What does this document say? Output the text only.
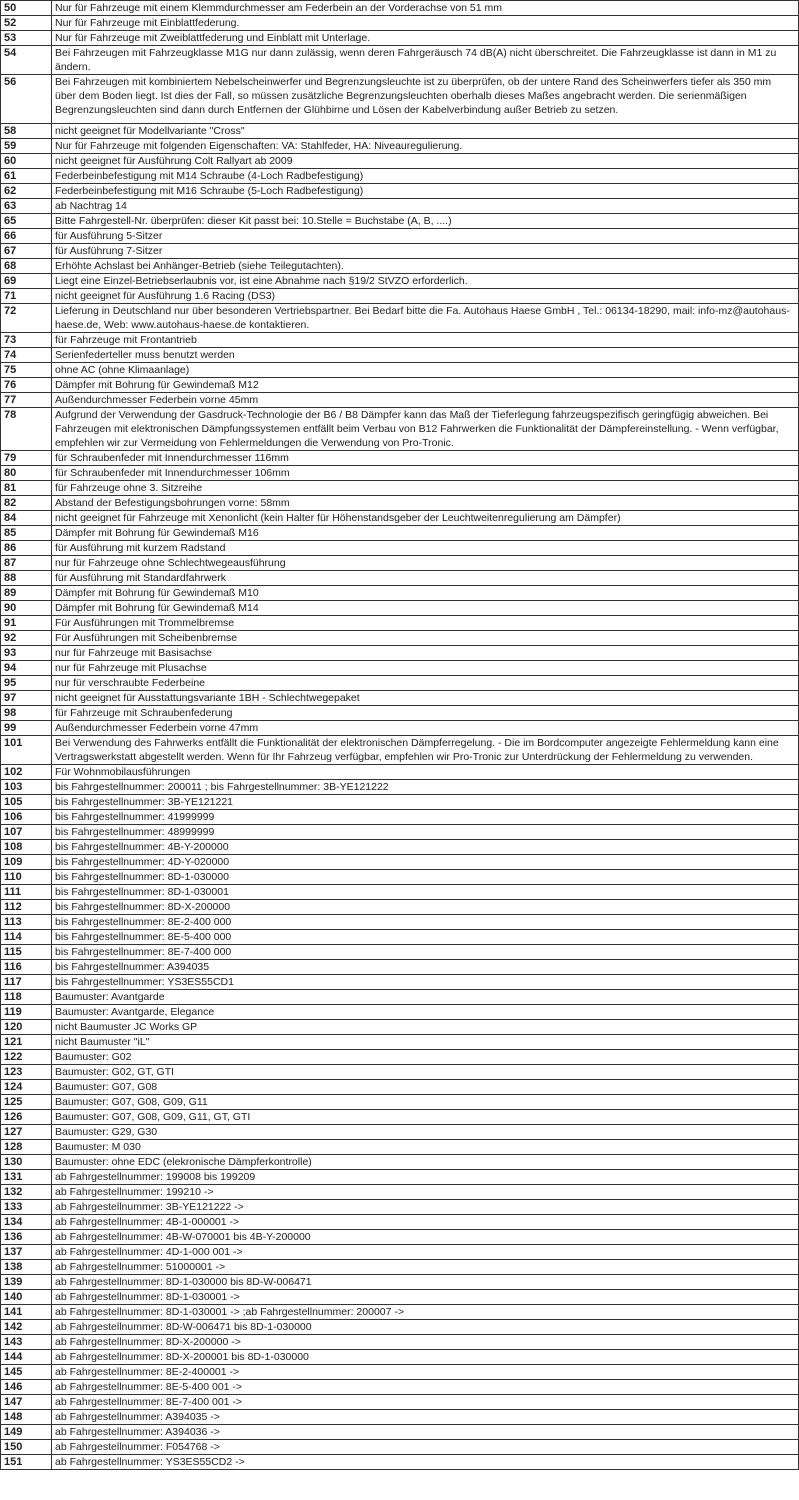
50	Nur für Fahrzeuge mit einem Klemmdurchmesser am Federbein an der Vorderachse von 51 mm
52	Nur für Fahrzeuge mit Einblattfederung.
53	Nur für Fahrzeuge mit Zweiblattfederung und Einblatt mit Unterlage.
54	Bei Fahrzeugen mit Fahrzeugklasse M1G nur dann zulässig, wenn deren Fahrgeräusch 74 dB(A) nicht überschreitet. Die Fahrzeugklasse ist dann in M1 zu ändern.
56	Bei Fahrzeugen mit kombiniertem Nebelscheinwerfer und Begrenzungsleuchte ist zu überprüfen, ob der untere Rand des Scheinwerfers tiefer als 350 mm über dem Boden liegt. Ist dies der Fall, so müssen zusätzliche Begrenzungsleuchten oberhalb dieses Maßes angebracht werden. Die serienmäßigen Begrenzungsleuchten sind dann durch Entfernen der Glühbirne und Lösen der Kabelverbindung außer Betrieb zu setzen.
58	nicht geeignet für Modellvariante "Cross"
59	Nur für Fahrzeuge mit folgenden Eigenschaften: VA: Stahlfeder, HA: Niveauregulierung.
60	nicht geeignet für Ausführung Colt Rallyart ab 2009
61	Federbeinbefestigung mit M14 Schraube (4-Loch Radbefestigung)
62	Federbeinbefestigung mit M16 Schraube (5-Loch Radbefestigung)
63	ab Nachtrag 14
65	Bitte Fahrgestell-Nr. überprüfen: dieser Kit passt bei: 10.Stelle = Buchstabe (A, B, ....)
66	für Ausführung 5-Sitzer
67	für Ausführung 7-Sitzer
68	Erhöhte Achslast bei Anhänger-Betrieb (siehe Teilegutachten).
69	Liegt eine Einzel-Betriebserlaubnis vor, ist eine Abnahme nach §19/2 StVZO erforderlich.
71	nicht geeignet für Ausführung 1.6 Racing (DS3)
72	Lieferung in Deutschland nur über besonderen Vertriebspartner. Bei Bedarf bitte die Fa. Autohaus Haese GmbH , Tel.: 06134-18290, mail: info-mz@autohaus-haese.de, Web: www.autohaus-haese.de kontaktieren.
73	für Fahrzeuge mit Frontantrieb
74	Serienfederteller muss benutzt werden
75	ohne AC (ohne Klimaanlage)
76	Dämpfer mit Bohrung für Gewindemaß M12
77	Außendurchmesser Federbein vorne 45mm
78	Aufgrund der Verwendung der Gasdruck-Technologie der B6 / B8 Dämpfer kann das Maß der Tieferlegung fahrzeugspezifisch geringfügig abweichen. Bei Fahrzeugen mit elektronischen Dämpfungssystemen entfällt beim Verbau von B12 Fahrwerken die Funktionalität der Dämpfereinstellung. - Wenn verfügbar, empfehlen wir zur Vermeidung von Fehlermeldungen die Verwendung von Pro-Tronic.
79	für Schraubenfeder mit Innendurchmesser 116mm
80	für Schraubenfeder mit Innendurchmesser 106mm
81	für Fahrzeuge ohne 3. Sitzreihe
82	Abstand der Befestigungsbohrungen vorne: 58mm
84	nicht geeignet für Fahrzeuge mit Xenonlicht (kein Halter für Höhenstandsgeber der Leuchtweitenregulierung am Dämpfer)
85	Dämpfer mit Bohrung für Gewindemaß M16
86	für Ausführung mit kurzem Radstand
87	nur für Fahrzeuge ohne Schlechtwegeausführung
88	für Ausführung mit Standardfahrwerk
89	Dämpfer mit Bohrung für Gewindemaß M10
90	Dämpfer mit Bohrung für Gewindemaß M14
91	Für Ausführungen mit Trommelbremse
92	Für Ausführungen mit Scheibenbremse
93	nur für Fahrzeuge mit Basisachse
94	nur für Fahrzeuge mit Plusachse
95	nur für verschraubte Federbeine
97	nicht geeignet für Ausstattungsvariante 1BH - Schlechtwegepaket
98	für Fahrzeuge mit Schraubenfederung
99	Außendurchmesser Federbein vorne 47mm
101	Bei Verwendung des Fahrwerks entfällt die Funktionalität der elektronischen Dämpferregelung. - Die im Bordcomputer angezeigte Fehlermeldung kann eine Vertragswerkstatt abgestellt werden. Wenn für Ihr Fahrzeug verfügbar, empfehlen wir Pro-Tronic zur Unterdrückung der Fehlermeldung zu verwenden.
102	Für Wohnmobilausführungen
103	bis Fahrgestellnummer: 200011 ; bis Fahrgestellnummer: 3B-YE121222
105	bis Fahrgestellnummer: 3B-YE121221
106	bis Fahrgestellnummer: 41999999
107	bis Fahrgestellnummer: 48999999
108	bis Fahrgestellnummer: 4B-Y-200000
109	bis Fahrgestellnummer: 4D-Y-020000
110	bis Fahrgestellnummer: 8D-1-030000
111	bis Fahrgestellnummer: 8D-1-030001
112	bis Fahrgestellnummer: 8D-X-200000
113	bis Fahrgestellnummer: 8E-2-400 000
114	bis Fahrgestellnummer: 8E-5-400 000
115	bis Fahrgestellnummer: 8E-7-400 000
116	bis Fahrgestellnummer: A394035
117	bis Fahrgestellnummer: YS3ES55CD1
118	Baumuster: Avantgarde
119	Baumuster: Avantgarde, Elegance
120	nicht Baumuster JC Works GP
121	nicht Baumuster "iL"
122	Baumuster: G02
123	Baumuster: G02, GT, GTI
124	Baumuster: G07, G08
125	Baumuster: G07, G08, G09, G11
126	Baumuster: G07, G08, G09, G11, GT, GTI
127	Baumuster: G29, G30
128	Baumuster: M 030
130	Baumuster: ohne EDC (elekronische Dämpferkontrolle)
131	ab Fahrgestellnummer: 199008 bis 199209
132	ab Fahrgestellnummer: 199210 ->
133	ab Fahrgestellnummer: 3B-YE121222 ->
134	ab Fahrgestellnummer: 4B-1-000001 ->
136	ab Fahrgestellnummer: 4B-W-070001 bis 4B-Y-200000
137	ab Fahrgestellnummer: 4D-1-000 001 ->
138	ab Fahrgestellnummer: 51000001 ->
139	ab Fahrgestellnummer: 8D-1-030000 bis 8D-W-006471
140	ab Fahrgestellnummer: 8D-1-030001 ->
141	ab Fahrgestellnummer: 8D-1-030001 -> ;ab Fahrgestellnummer: 200007 ->
142	ab Fahrgestellnummer: 8D-W-006471 bis 8D-1-030000
143	ab Fahrgestellnummer: 8D-X-200000 ->
144	ab Fahrgestellnummer: 8D-X-200001 bis 8D-1-030000
145	ab Fahrgestellnummer: 8E-2-400001 ->
146	ab Fahrgestellnummer: 8E-5-400 001 ->
147	ab Fahrgestellnummer: 8E-7-400 001 ->
148	ab Fahrgestellnummer: A394035 ->
149	ab Fahrgestellnummer: A394036 ->
150	ab Fahrgestellnummer: F054768 ->
151	ab Fahrgestellnummer: YS3ES55CD2 ->
